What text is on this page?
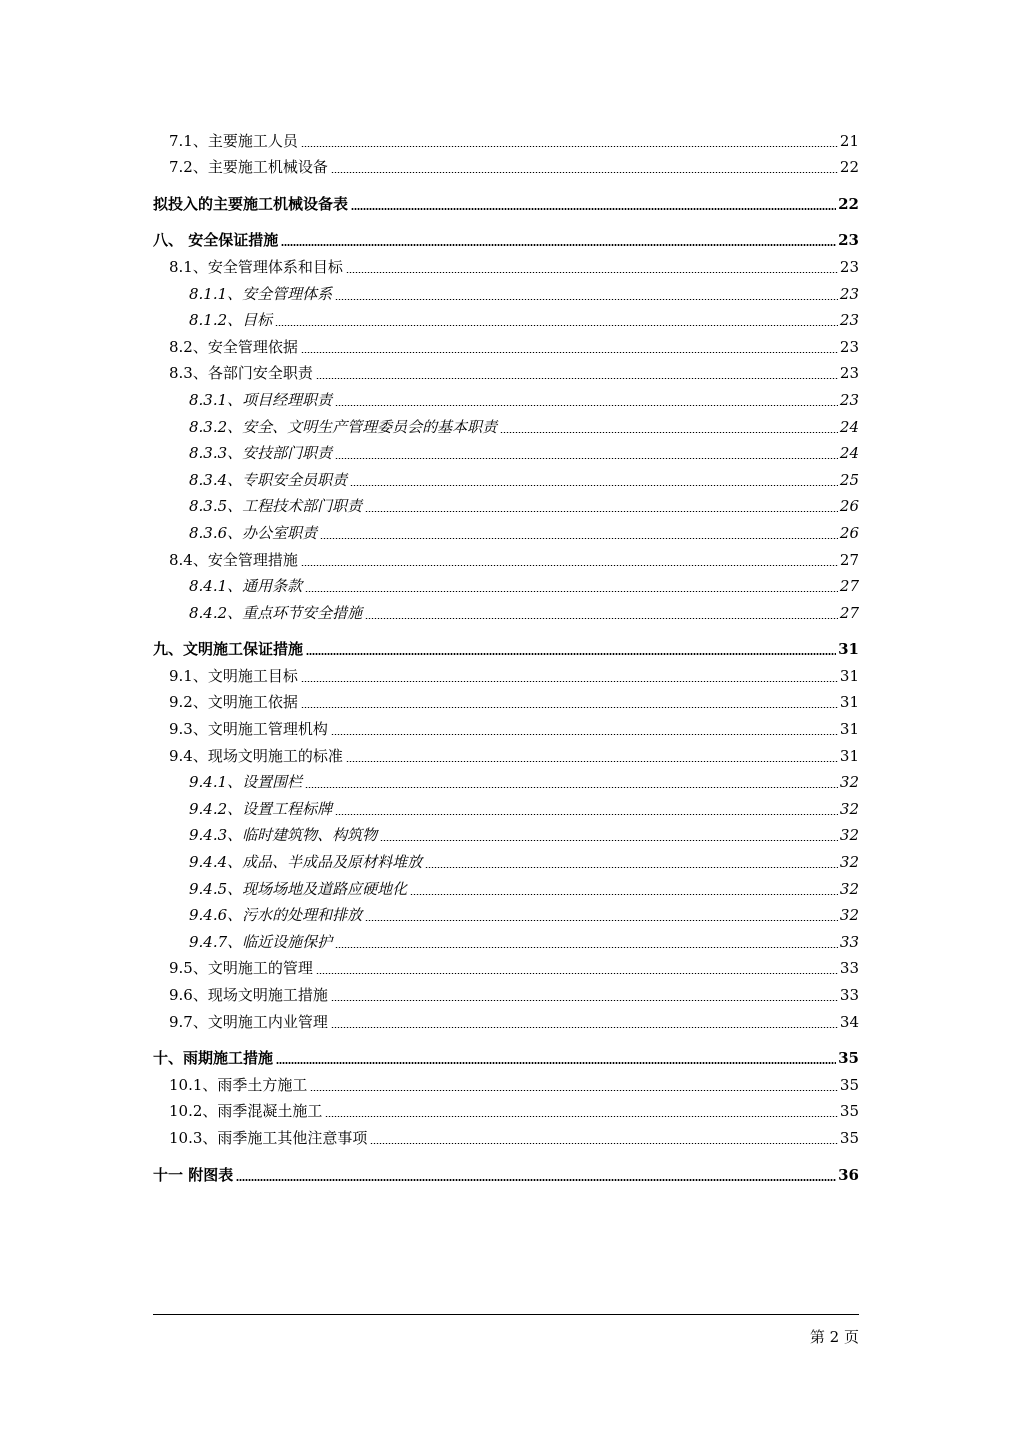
7.1、主要施工人员	21
7.2、主要施工机械设备	22
拟投入的主要施工机械设备表	22
八、 安全保证措施	23
8.1、安全管理体系和目标	23
8.1.1、安全管理体系	23
8.1.2、目标	23
8.2、安全管理依据	23
8.3、各部门安全职责	23
8.3.1、项目经理职责	23
8.3.2、安全、文明生产管理委员会的基本职责	24
8.3.3、安技部门职责	24
8.3.4、专职安全员职责	25
8.3.5、工程技术部门职责	26
8.3.6、办公室职责	26
8.4、安全管理措施	27
8.4.1、通用条款	27
8.4.2、重点环节安全措施	27
九、文明施工保证措施	31
9.1、文明施工目标	31
9.2、文明施工依据	31
9.3、文明施工管理机构	31
9.4、现场文明施工的标准	31
9.4.1、设置围栏	32
9.4.2、设置工程标牌	32
9.4.3、临时建筑物、构筑物	32
9.4.4、成品、半成品及原材料堆放	32
9.4.5、现场场地及道路应硬地化	32
9.4.6、污水的处理和排放	32
9.4.7、临近设施保护	33
9.5、文明施工的管理	33
9.6、现场文明施工措施	33
9.7、文明施工内业管理	34
十、雨期施工措施	35
10.1、雨季土方施工	35
10.2、雨季混凝土施工	35
10.3、雨季施工其他注意事项	35
十一 附图表	36
第 2 页
